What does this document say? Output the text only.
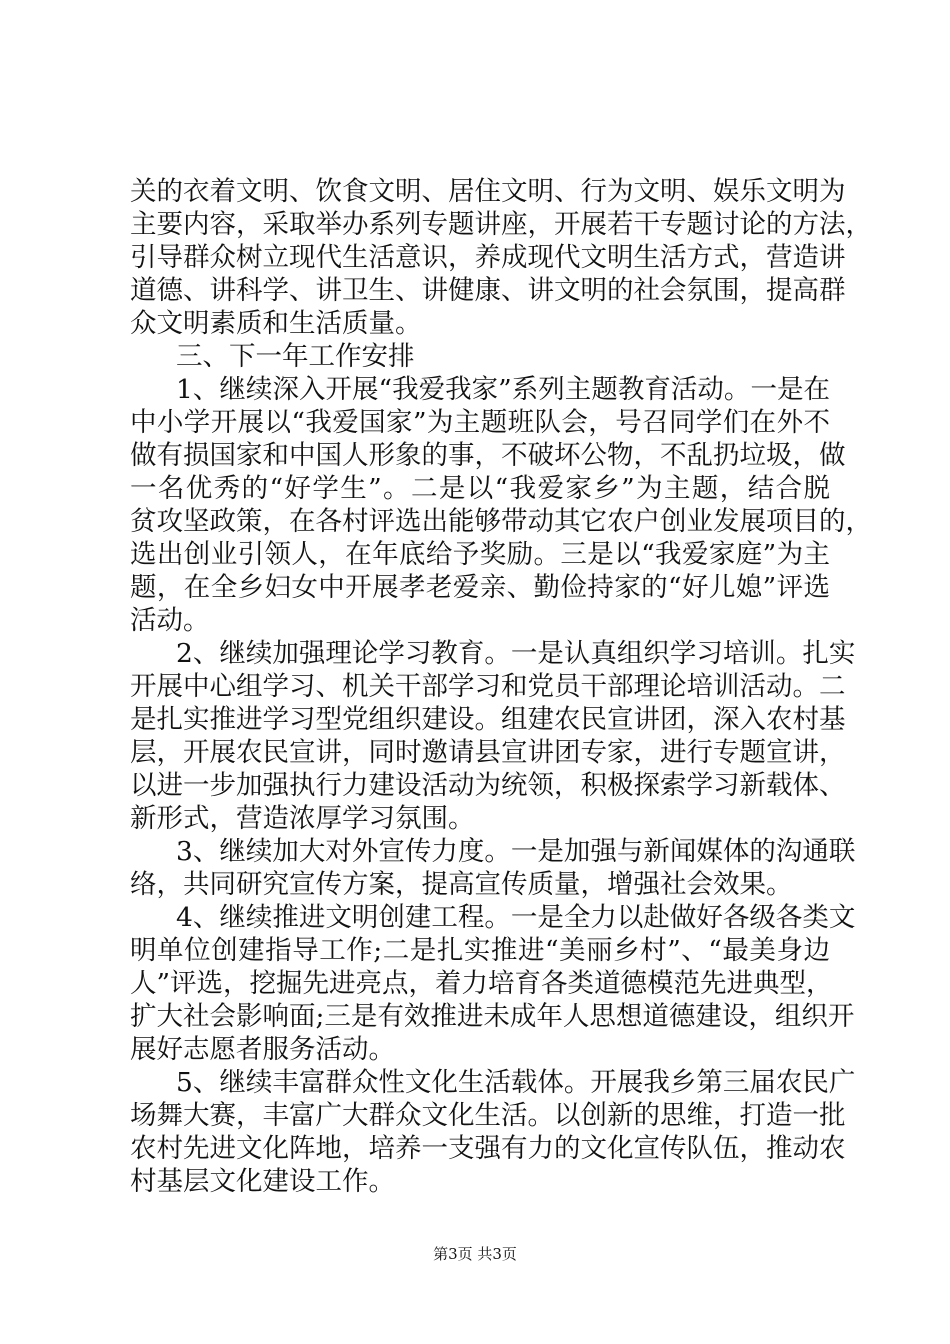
关的衣着文明、饮食文明、居住文明、行为文明、娱乐文明为
主要内容，采取举办系列专题讲座，开展若干专题讨论的方法，
引导群众树立现代生活意识，养成现代文明生活方式，营造讲
道德、讲科学、讲卫生、讲健康、讲文明的社会氛围，提高群
众文明素质和生活质量。
三、下一年工作安排
1、继续深入开展“我爱我家”系列主题教育活动。一是在
中小学开展以“我爱国家”为主题班队会，号召同学们在外不
做有损国家和中国人形象的事，不破坏公物，不乱扔垃圾，做
一名优秀的“好学生”。二是以“我爱家乡”为主题，结合脱
贫攻坚政策，在各村评选出能够带动其它农户创业发展项目的，
选出创业引领人，在年底给予奖励。三是以“我爱家庭”为主
题，在全乡妇女中开展孝老爱亲、勤俭持家的“好儿媳”评选
活动。
2、继续加强理论学习教育。一是认真组织学习培训。扎实
开展中心组学习、机关干部学习和党员干部理论培训活动。二
是扎实推进学习型党组织建设。组建农民宣讲团，深入农村基
层，开展农民宣讲，同时邀请县宣讲团专家，进行专题宣讲，
以进一步加强执行力建设活动为统领，积极探索学习新载体、
新形式，营造浓厚学习氛围。
3、继续加大对外宣传力度。一是加强与新闻媒体的沟通联
络，共同研究宣传方案，提高宣传质量，增强社会效果。
4、继续推进文明创建工程。一是全力以赴做好各级各类文
明单位创建指导工作;二是扎实推进“美丽乡村”、“最美身边
人”评选，挖掘先进亮点，着力培育各类道德模范先进典型，
扩大社会影响面;三是有效推进未成年人思想道德建设，组织开
展好志愿者服务活动。
5、继续丰富群众性文化生活载体。开展我乡第三届农民广
场舞大赛，丰富广大群众文化生活。以创新的思维，打造一批
农村先进文化阵地，培养一支强有力的文化宣传队伍，推动农
村基层文化建设工作。
第3页 共3页
